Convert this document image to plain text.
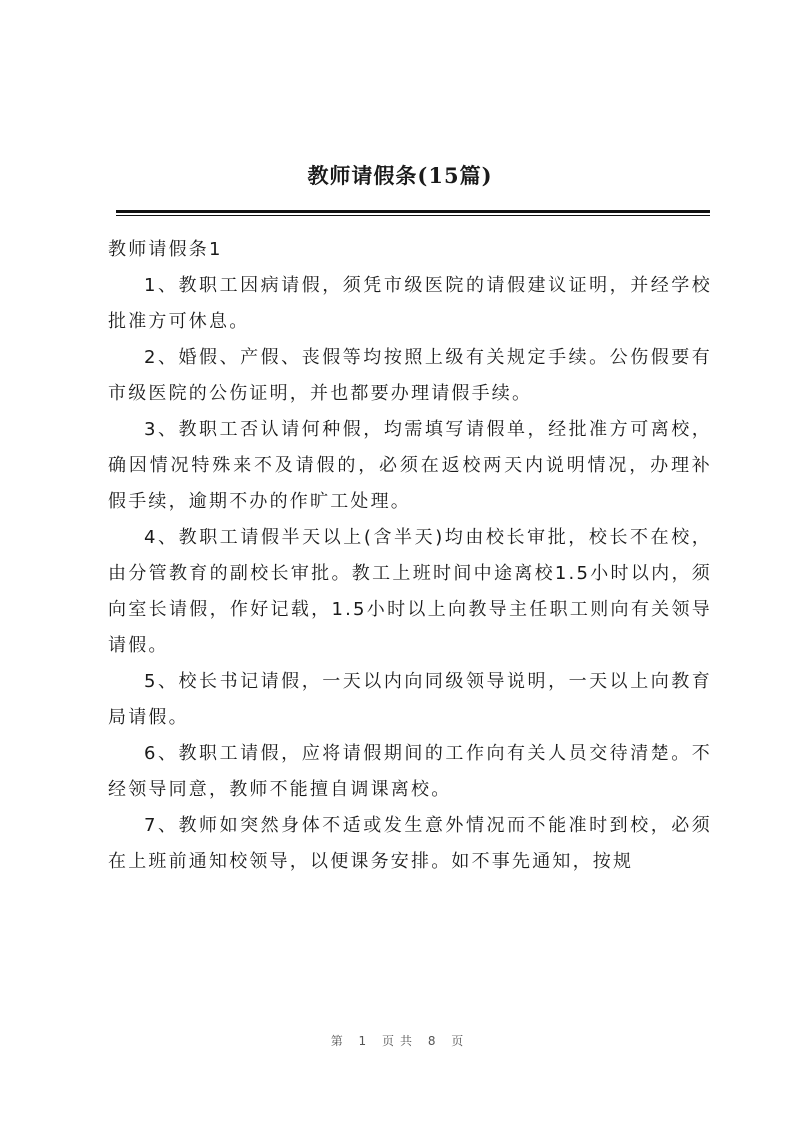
教师请假条(15篇)

教师请假条1

1、教职工因病请假，须凭市级医院的请假建议证明，并经学校批准方可休息。

2、婚假、产假、丧假等均按照上级有关规定手续。公伤假要有市级医院的公伤证明，并也都要办理请假手续。

3、教职工否认请何种假，均需填写请假单，经批准方可离校，确因情况特殊来不及请假的，必须在返校两天内说明情况，办理补假手续，逾期不办的作旷工处理。

4、教职工请假半天以上(含半天)均由校长审批，校长不在校，由分管教育的副校长审批。教工上班时间中途离校1.5小时以内，须向室长请假，作好记载，1.5小时以上向教导主任职工则向有关领导请假。

5、校长书记请假，一天以内向同级领导说明，一天以上向教育局请假。

6、教职工请假，应将请假期间的工作向有关人员交待清楚。不经领导同意，教师不能擅自调课离校。

7、教师如突然身体不适或发生意外情况而不能准时到校，必须在上班前通知校领导，以便课务安排。如不事先通知，按规

第 1 页共 8 页
